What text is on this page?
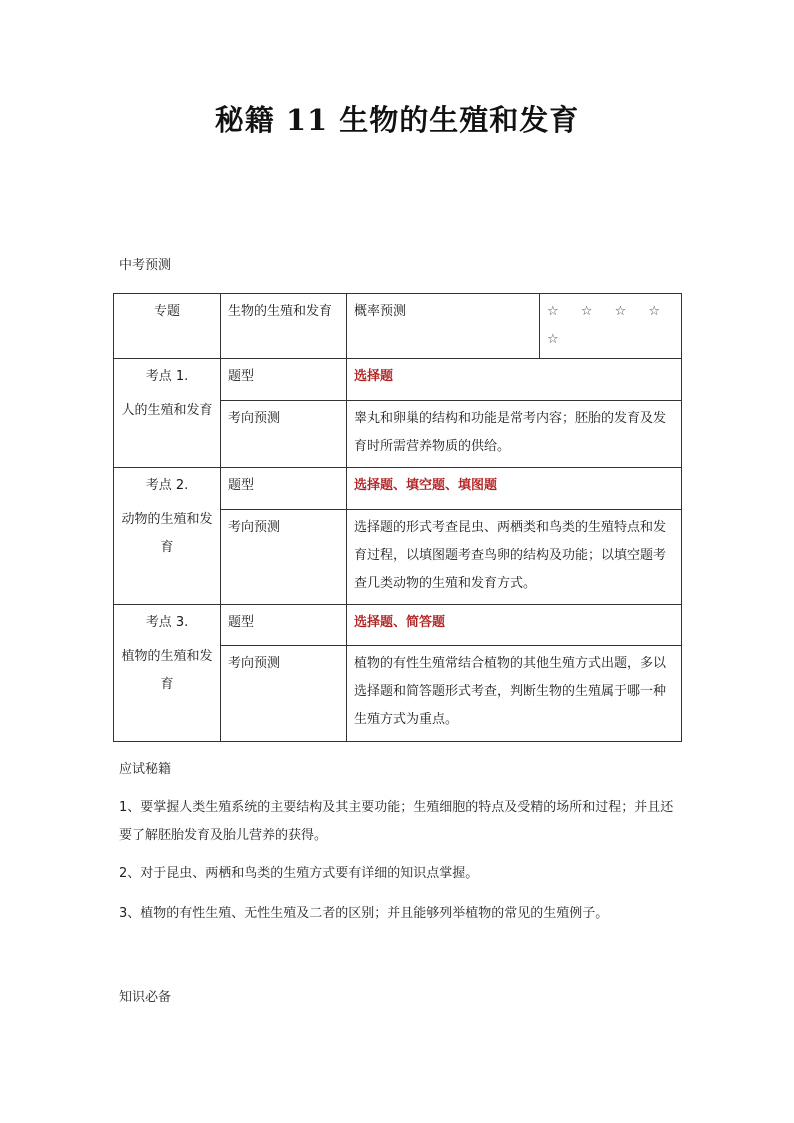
秘籍 11 生物的生殖和发育
中考预测
专题	生物的生殖和发育	概率预测	☆ ☆ ☆ ☆ ☆

考点 1.
人的生殖和发育	题型	选择题	
	考向预测	睾丸和卵巢的结构和功能是常考内容；胚胎的发育及发育时所需营养物质的供给。	

考点 2.
动物的生殖和发育	题型	选择题、填空题、填图题	
	考向预测	选择题的形式考查昆虫、两栖类和鸟类的生殖特点和发育过程，以填图题考查鸟卵的结构及功能；以填空题考查几类动物的生殖和发育方式。	

考点 3.
植物的生殖和发育	题型	选择题、简答题	
	考向预测	植物的有性生殖常结合植物的其他生殖方式出题，多以选择题和简答题形式考查，判断生物的生殖属于哪一种生殖方式为重点。	
应试秘籍
1、要掌握人类生殖系统的主要结构及其主要功能；生殖细胞的特点及受精的场所和过程；并且还要了解胚胎发育及胎儿营养的获得。
2、对于昆虫、两栖和鸟类的生殖方式要有详细的知识点掌握。
3、植物的有性生殖、无性生殖及二者的区别；并且能够列举植物的常见的生殖例子。
知识必备
